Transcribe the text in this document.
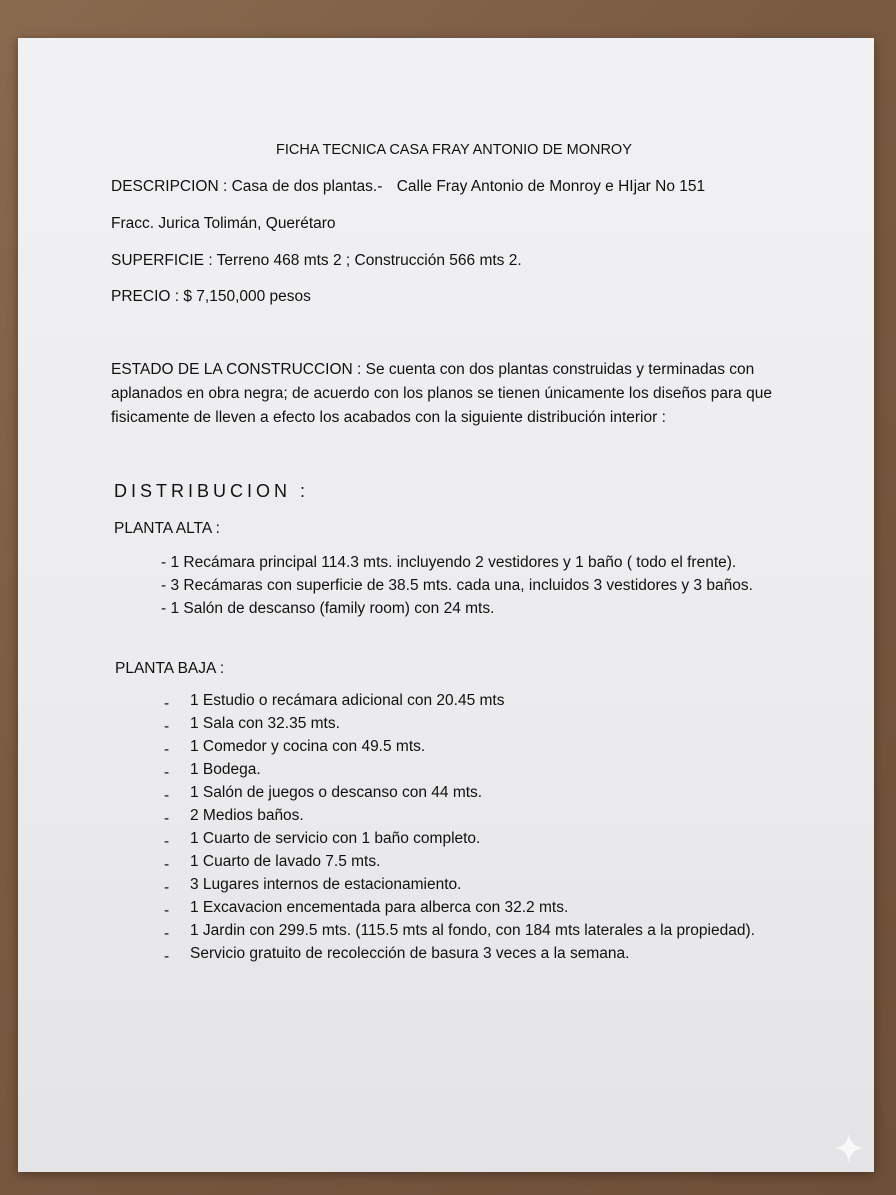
FICHA TECNICA CASA FRAY ANTONIO DE MONROY
DESCRIPCION : Casa de dos plantas.- Calle Fray Antonio de Monroy e HIjar No 151
Fracc. Jurica Tolimán, Querétaro
SUPERFICIE : Terreno 468 mts 2 ; Construcción 566 mts 2.
PRECIO : $ 7,150,000 pesos
ESTADO DE LA CONSTRUCCION : Se cuenta con dos plantas construidas y terminadas con
aplanados en obra negra; de acuerdo con los planos se tienen únicamente los diseños para que
fisicamente de lleven a efecto los acabados con la siguiente distribución interior :
DISTRIBUCION :
PLANTA ALTA :
- 1 Recámara principal 114.3 mts. incluyendo 2 vestidores y 1 baño ( todo el frente).
- 3 Recámaras con superficie de 38.5 mts. cada una, incluidos 3 vestidores y 3 baños.
- 1 Salón de descanso (family room) con 24 mts.
PLANTA BAJA :
- 1 Estudio o recámara adicional con 20.45 mts
- 1 Sala con 32.35 mts.
- 1 Comedor y cocina con 49.5 mts.
- 1 Bodega.
- 1 Salón de juegos o descanso con 44 mts.
- 2 Medios baños.
- 1 Cuarto de servicio con 1 baño completo.
- 1 Cuarto de lavado 7.5 mts.
- 3 Lugares internos de estacionamiento.
- 1 Excavacion encementada para alberca con 32.2 mts.
- 1 Jardin con 299.5 mts. (115.5 mts al fondo, con 184 mts laterales a la propiedad).
- Servicio gratuito de recolección de basura 3 veces a la semana.
